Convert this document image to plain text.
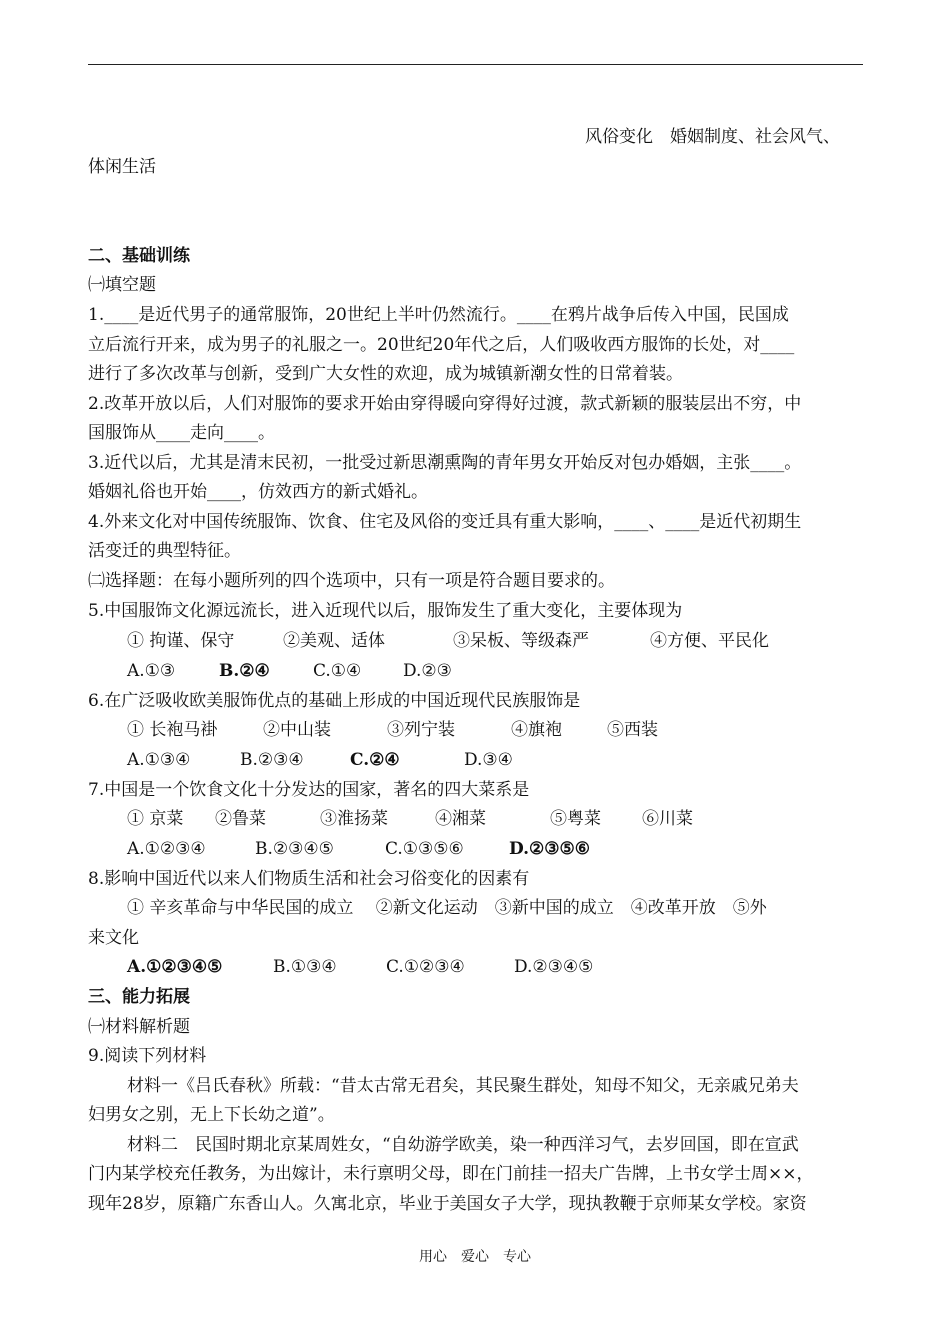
风俗变化　婚姻制度、社会风气、
体闲生活
二、基础训练
㈠填空题
1.____是近代男子的通常服饰，20世纪上半叶仍然流行。____在鸦片战争后传入中国，民国成
立后流行开来，成为男子的礼服之一。20世纪20年代之后，人们吸收西方服饰的长处，对____
进行了多次改革与创新，受到广大女性的欢迎，成为城镇新潮女性的日常着装。
2.改革开放以后，人们对服饰的要求开始由穿得暖向穿得好过渡，款式新颖的服装层出不穷，中
国服饰从____走向____。
3.近代以后，尤其是清末民初，一批受过新思潮熏陶的青年男女开始反对包办婚姻，主张____。
婚姻礼俗也开始____，仿效西方的新式婚礼。
4.外来文化对中国传统服饰、饮食、住宅及风俗的变迁具有重大影响，____、____是近代初期生
活变迁的典型特征。
㈡选择题：在每小题所列的四个选项中，只有一项是符合题目要求的。
5.中国服饰文化源远流长，进入近现代以后，服饰发生了重大变化，主要体现为
① 拘谨、保守	②美观、适体	③呆板、等级森严	④方便、平民化
A.①③	B.②④	C.①④ D.②③
6.在广泛吸收欧美服饰优点的基础上形成的中国近现代民族服饰是
① 长袍马褂	②中山装	③列宁装	④旗袍	⑤西装
A.①③④	B.②③④	C.②④	D.③④
7.中国是一个饮食文化十分发达的国家，著名的四大菜系是
① 京菜 ②鲁菜	③淮扬菜	④湘菜	⑤粤菜 ⑥川菜
A.①②③④	B.②③④⑤	C.①③⑤⑥	D.②③⑤⑥
8.影响中国近代以来人们物质生活和社会习俗变化的因素有
① 辛亥革命与中华民国的成立　 ②新文化运动　③新中国的成立　④改革开放　⑤外
来文化
A.①②③④⑤	B.①③④	C.①②③④	D.②③④⑤
三、能力拓展
㈠材料解析题
9.阅读下列材料
材料一《吕氏春秋》所载：“昔太古常无君矣，其民聚生群处，知母不知父，无亲戚兄弟夫
妇男女之别，无上下长幼之道”。
材料二　民国时期北京某周姓女，“自幼游学欧美，染一种西洋习气，去岁回国，即在宣武
门内某学校充任教务，为出嫁计，未行禀明父母，即在门前挂一招夫广告牌，上书女学士周××，
现年28岁，原籍广东香山人。久寓北京，毕业于美国女子大学，现执教鞭于京师某女学校。家资
用心　爱心　专心
